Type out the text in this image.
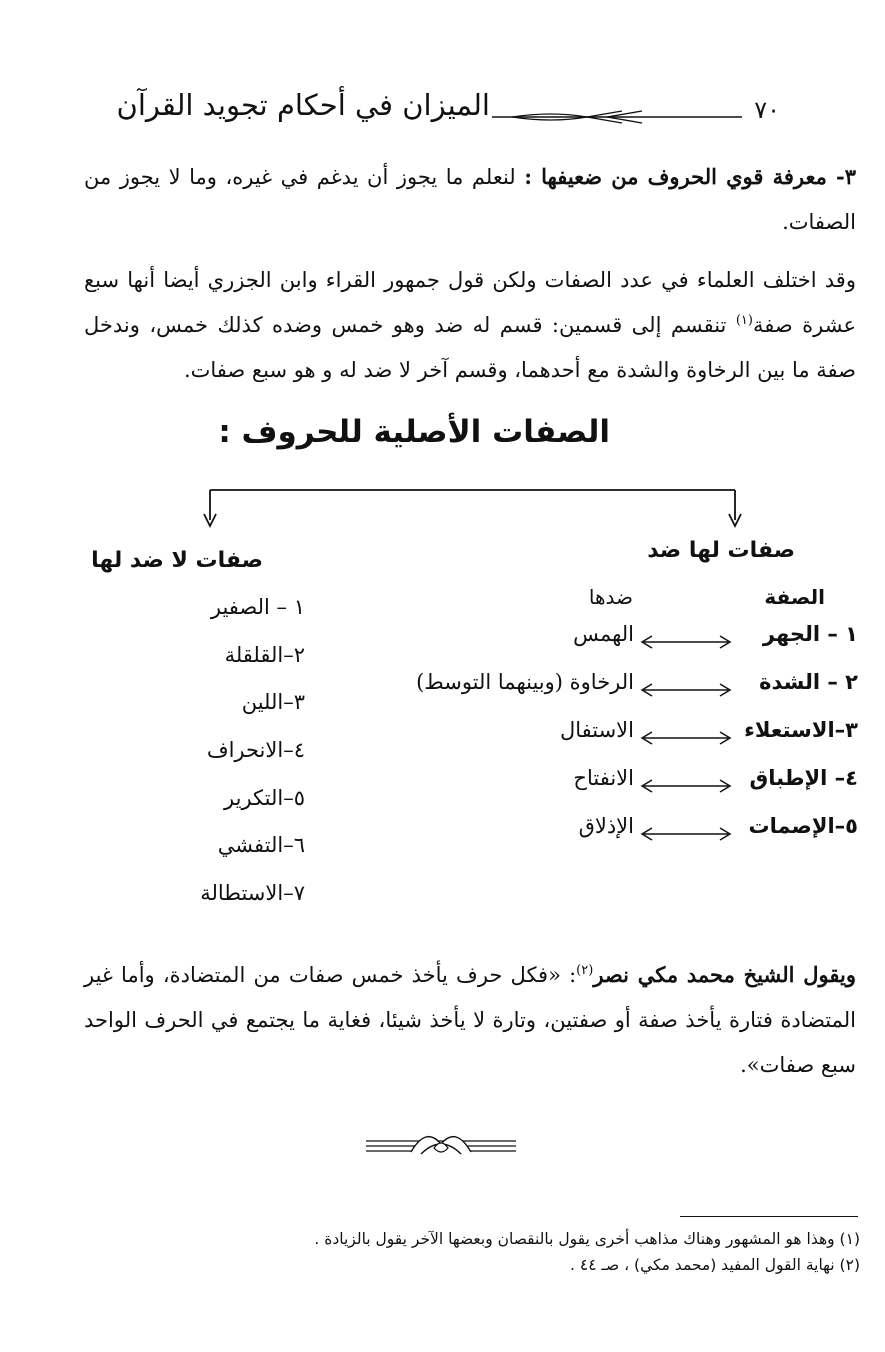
الميزان في أحكام تجويد القرآن	٧٠
٣- معرفة قوي الحروف من ضعيفها : لنعلم ما يجوز أن يدغم في غيره، وما لا يجوز من الصفات.
وقد اختلف العلماء في عدد الصفات ولكن قول جمهور القراء وابن الجزري أيضا أنها سبع عشرة صفة$^{(١)}$ تنقسم إلى قسمين: قسم له ضد وهو خمس وضده كذلك خمس، وندخل صفة ما بين الرخاوة والشدة مع أحدهما، وقسم آخر لا ضد له و هو سبع صفات.
الصفات الأصلية للحروف :
صفات لها ضد
صفات لا ضد لها
الصفة
ضدها
١ – الجهر
الهمس
٢ – الشدة
الرخاوة (وبينهما التوسط)
٣–الاستعلاء
الاستفال
٤– الإطباق
الانفتاح
٥–الإصمات
الإذلاق
١ – الصفير
٢–القلقلة
٣–اللين
٤–الانحراف
٥–التكرير
٦–التفشي
٧–الاستطالة
ويقول الشيخ محمد مكي نصر$^{(٢)}$: «فكل حرف يأخذ خمس صفات من المتضادة، وأما غير المتضادة فتارة يأخذ صفة أو صفتين، وتارة لا يأخذ شيئا، فغاية ما يجتمع في الحرف الواحد سبع صفات».
(١) وهذا هو المشهور وهناك مذاهب أخرى يقول بالنقصان وبعضها الآخر يقول بالزيادة .
(٢) نهاية القول المفيد (محمد مكي) ، صـ ٤٤ .
